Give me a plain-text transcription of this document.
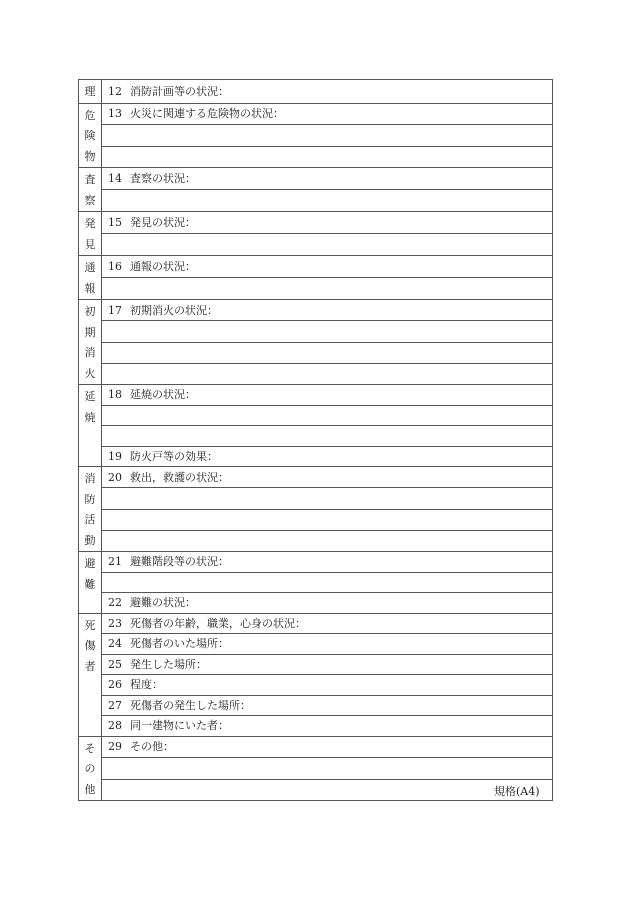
理	12 消防計画等の状況：

危
険
物	13 火災に関連する危険物の状況：

査
察	14 査察の状況：

発
見	15 発見の状況：

通
報	16 通報の状況：

初
期
消
火	17 初期消火の状況：

延
焼	18 延焼の状況：

	19 防火戸等の効果：

消
防
活
動	20 救出，救護の状況：

避
難	21 避難階段等の状況：

	22 避難の状況：

死
傷
者	23 死傷者の年齢，職業，心身の状況：
	24 死傷者のいた場所：
	25 発生した場所：
	26 程度：
	27 死傷者の発生した場所：
	28 同一建物にいた者：

そ
の
他	29 その他：

規格(A4)
